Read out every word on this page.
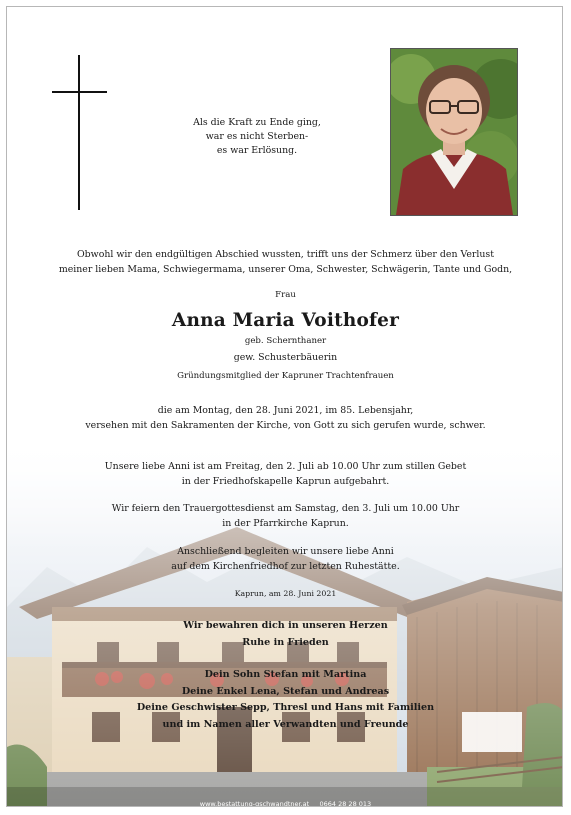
Als die Kraft zu Ende ging,
war es nicht Sterben-
es war Erlösung.
Obwohl wir den endgültigen Abschied wussten, trifft uns der Schmerz über den Verlust
meiner lieben Mama, Schwiegermama, unserer Oma, Schwester, Schwägerin, Tante und Godn,
Frau
Anna Maria Voithofer
geb. Schernthaner
gew. Schusterbäuerin
Gründungsmitglied der Kapruner Trachtenfrauen
die am Montag, den 28. Juni 2021, im 85. Lebensjahr,
versehen mit den Sakramenten der Kirche, von Gott zu sich gerufen wurde, schwer.
Unsere liebe Anni ist am Freitag, den 2. Juli ab 10.00 Uhr zum stillen Gebet
in der Friedhofskapelle Kaprun aufgebahrt.
Wir feiern den Trauergottesdienst am Samstag, den 3. Juli um 10.00 Uhr
in der Pfarrkirche Kaprun.
Anschließend begleiten wir unsere liebe Anni
auf dem Kirchenfriedhof zur letzten Ruhestätte.
Kaprun, am 28. Juni 2021
Wir bewahren dich in unseren Herzen
Ruhe in Frieden
Dein Sohn Stefan mit Martina
Deine Enkel Lena, Stefan und Andreas
Deine Geschwister Sepp, Thresl und Hans mit Familien
und im Namen aller Verwandten und Freunde
www.bestattung-gschwandtner.at     0664 28 28 013
